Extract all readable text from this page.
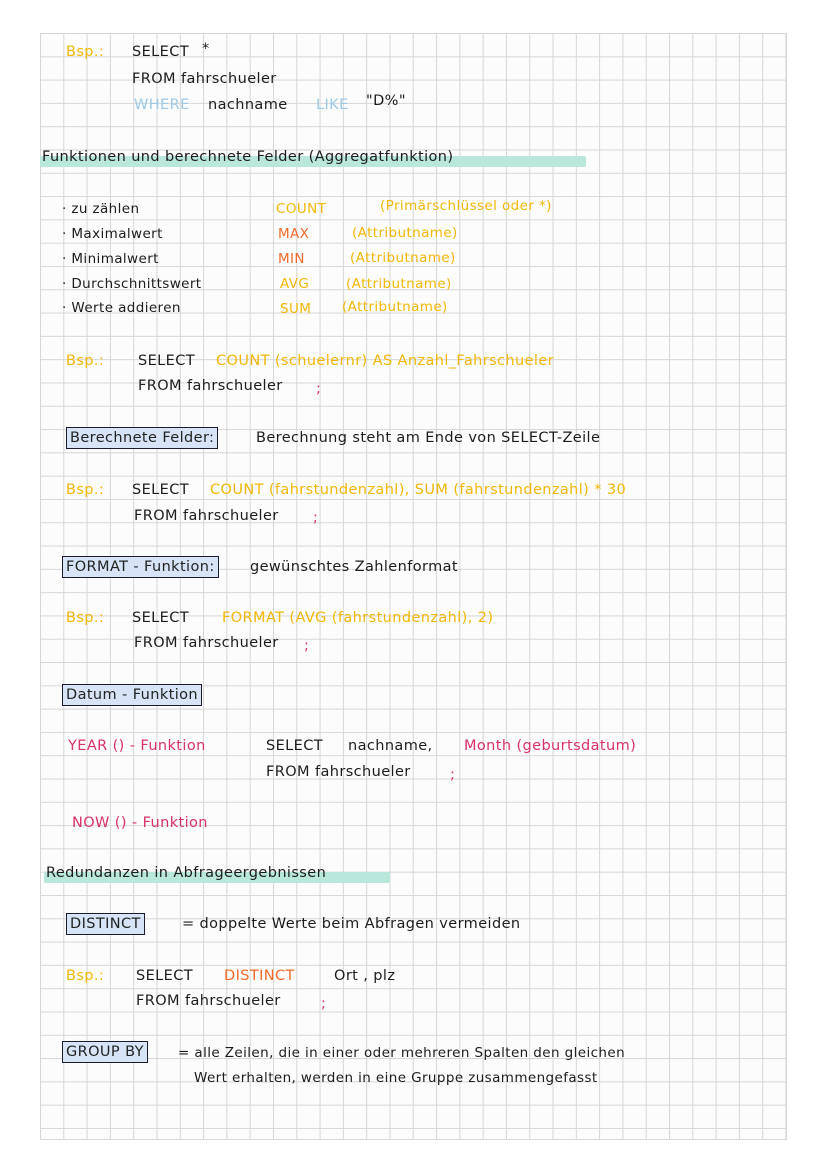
Bsp.: SELECT *
FROM fahrschueler
WHERE nachname LIKE "D%"
Funktionen und berechnete Felder (Aggregatfunktion)
· zu zählen	COUNT	(Primärschlüssel oder *)
· Maximalwert	MAX	(Attributname)
· Minimalwert	MIN	(Attributname)
· Durchschnittswert	AVG	(Attributname)
· Werte addieren	SUM (Attributname)
Bsp.: SELECT COUNT (schuelernr) AS Anzahl_Fahrschueler
FROM fahrschueler ;
Berechnete Felder:	Berechnung steht am Ende von SELECT-Zeile
Bsp.: SELECT COUNT (fahrstundenzahl), SUM (fahrstundenzahl) * 30
FROM fahrschueler ;
FORMAT - Funktion: gewünschtes Zahlenformat
Bsp.: SELECT FORMAT (AVG (fahrstundenzahl), 2)
FROM fahrschueler ;
Datum - Funktion
YEAR () - Funktion	SELECT nachname, Month (geburtsdatum)
FROM fahrschueler	;
NOW () - Funktion
Redundanzen in Abfrageergebnissen
DISTINCT	= doppelte Werte beim Abfragen vermeiden
Bsp.: SELECT DISTINCT	Ort , plz
FROM fahrschueler	;
GROUP BY	= alle Zeilen, die in einer oder mehreren Spalten den gleichen
Wert erhalten, werden in eine Gruppe zusammengefasst
